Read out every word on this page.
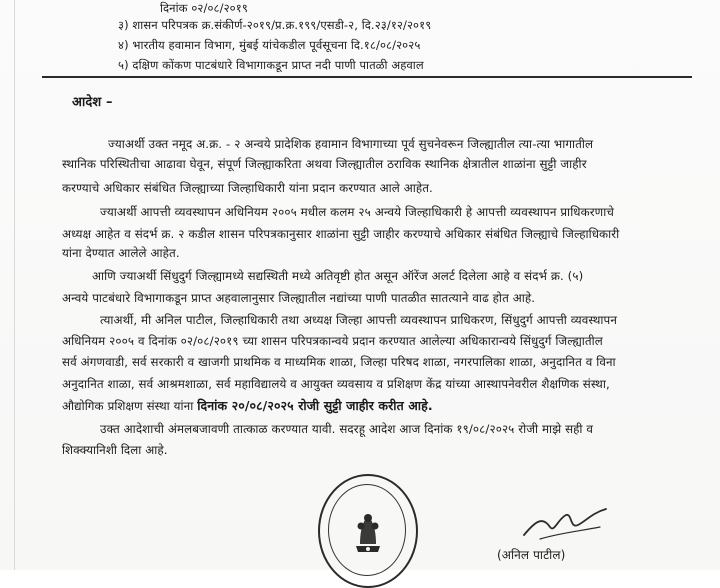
दिनांक ०२/०८/२०१९
३) शासन परिपत्रक क्र.संकीर्ण-२०१९/प्र.क्र.१९९/एसडी-२, दि.२३/१२/२०१९
४) भारतीय हवामान विभाग, मुंबई यांचेकडील पूर्वसूचना दि.१८/०८/२०२५
५) दक्षिण कोंकण पाटबंधारे विभागाकडून प्राप्त नदी पाणी पातळी अहवाल
आदेश –
ज्याअर्थी उक्त नमूद अ.क्र. - २ अन्वये प्रादेशिक हवामान विभागाच्या पूर्व सुचनेवरून जिल्ह्यातील त्या-त्या भागातील
स्थानिक परिस्थितीचा आढावा घेवून, संपूर्ण जिल्ह्याकरिता अथवा जिल्ह्यातील ठराविक स्थानिक क्षेत्रातील शाळांना सुट्टी जाहीर
करण्याचे अधिकार संबंधित जिल्ह्याच्या जिल्हाधिकारी यांना प्रदान करण्यात आले आहेत.
ज्याअर्थी आपत्ती व्यवस्थापन अधिनियम २००५ मधील कलम २५ अन्वये जिल्हाधिकारी हे आपत्ती व्यवस्थापन प्राधिकरणाचे
अध्यक्ष आहेत व संदर्भ क्र. २ कडील शासन परिपत्रकानुसार शाळांना सुट्टी जाहीर करण्याचे अधिकार संबंधित जिल्ह्याचे जिल्हाधिकारी
यांना देण्यात आलेले आहेत.
आणि ज्याअर्थी सिंधुदुर्ग जिल्ह्यामध्ये सद्यस्थिती मध्ये अतिवृष्टी होत असून ऑरेंज अलर्ट दिलेला आहे व संदर्भ क्र. (५)
अन्वये पाटबंधारे विभागाकडून प्राप्त अहवालानुसार जिल्ह्यातील नद्यांच्या पाणी पातळीत सातत्याने वाढ होत आहे.
त्याअर्थी, मी अनिल पाटील, जिल्हाधिकारी तथा अध्यक्ष जिल्हा आपत्ती व्यवस्थापन प्राधिकरण, सिंधुदुर्ग आपत्ती व्यवस्थापन
अधिनियम २००५ व दिनांक ०२/०८/२०१९ च्या शासन परिपत्रकान्वये प्रदान करण्यात आलेल्या अधिकारान्वये सिंधुदुर्ग जिल्ह्यातील
सर्व अंगणवाडी, सर्व सरकारी व खाजगी प्राथमिक व माध्यमिक शाळा, जिल्हा परिषद शाळा, नगरपालिका शाळा, अनुदानित व विना
अनुदानित शाळा, सर्व आश्रमशाळा, सर्व महाविद्यालये व आयुक्त व्यवसाय व प्रशिक्षण केंद्र यांच्या आस्थापनेवरील शैक्षणिक संस्था,
औद्योगिक प्रशिक्षण संस्था यांना दिनांक २०/०८/२०२५ रोजी सुट्टी जाहीर करीत आहे.
उक्त आदेशाची अंमलबजावणी तात्काळ करण्यात यावी. सदरहू आदेश आज दिनांक १९/०८/२०२५ रोजी माझे सही व
शिक्क्यानिशी दिला आहे.
(अनिल पाटील)
